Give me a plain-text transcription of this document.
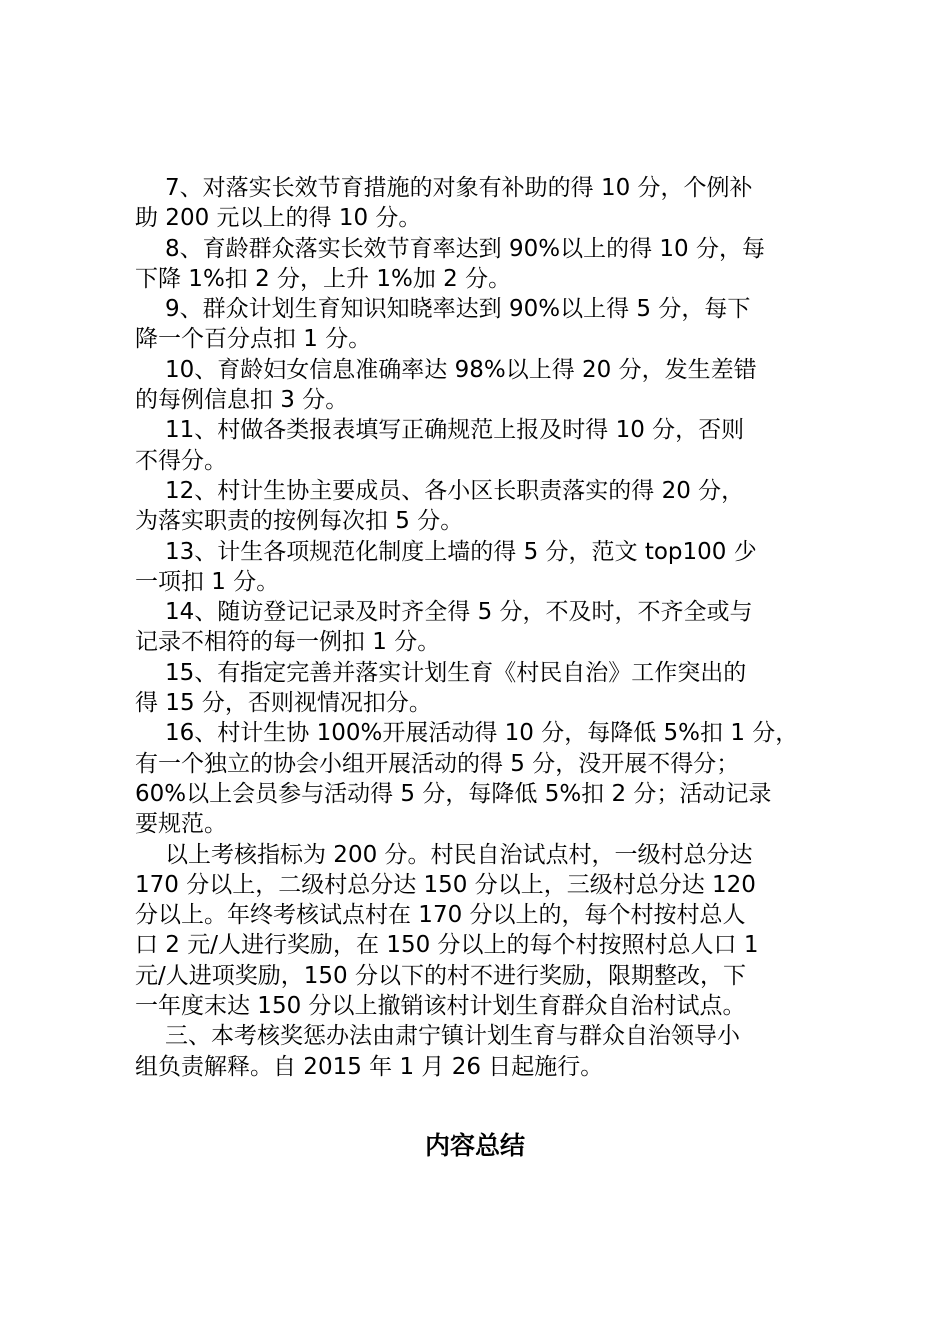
7、对落实长效节育措施的对象有补助的得 10 分，个例补
助 200 元以上的得 10 分。

8、育龄群众落实长效节育率达到 90%以上的得 10 分，每
下降 1%扣 2 分，上升 1%加 2 分。

9、群众计划生育知识知晓率达到 90%以上得 5 分，每下
降一个百分点扣 1 分。

10、育龄妇女信息准确率达 98%以上得 20 分，发生差错
的每例信息扣 3 分。

11、村做各类报表填写正确规范上报及时得 10 分，否则
不得分。

12、村计生协主要成员、各小区长职责落实的得 20 分，
为落实职责的按例每次扣 5 分。

13、计生各项规范化制度上墙的得 5 分，范文 top100 少
一项扣 1 分。

14、随访登记记录及时齐全得 5 分，不及时，不齐全或与
记录不相符的每一例扣 1 分。

15、有指定完善并落实计划生育《村民自治》工作突出的
得 15 分，否则视情况扣分。

16、村计生协 100%开展活动得 10 分，每降低 5%扣 1 分，
有一个独立的协会小组开展活动的得 5 分，没开展不得分；
60%以上会员参与活动得 5 分，每降低 5%扣 2 分；活动记录
要规范。

以上考核指标为 200 分。村民自治试点村，一级村总分达
170 分以上，二级村总分达 150 分以上，三级村总分达 120
分以上。年终考核试点村在 170 分以上的，每个村按村总人
口 2 元/人进行奖励，在 150 分以上的每个村按照村总人口 1
元/人进项奖励，150 分以下的村不进行奖励，限期整改，下
一年度末达 150 分以上撤销该村计划生育群众自治村试点。

三、本考核奖惩办法由肃宁镇计划生育与群众自治领导小
组负责解释。自 2015 年 1 月 26 日起施行。

内容总结
